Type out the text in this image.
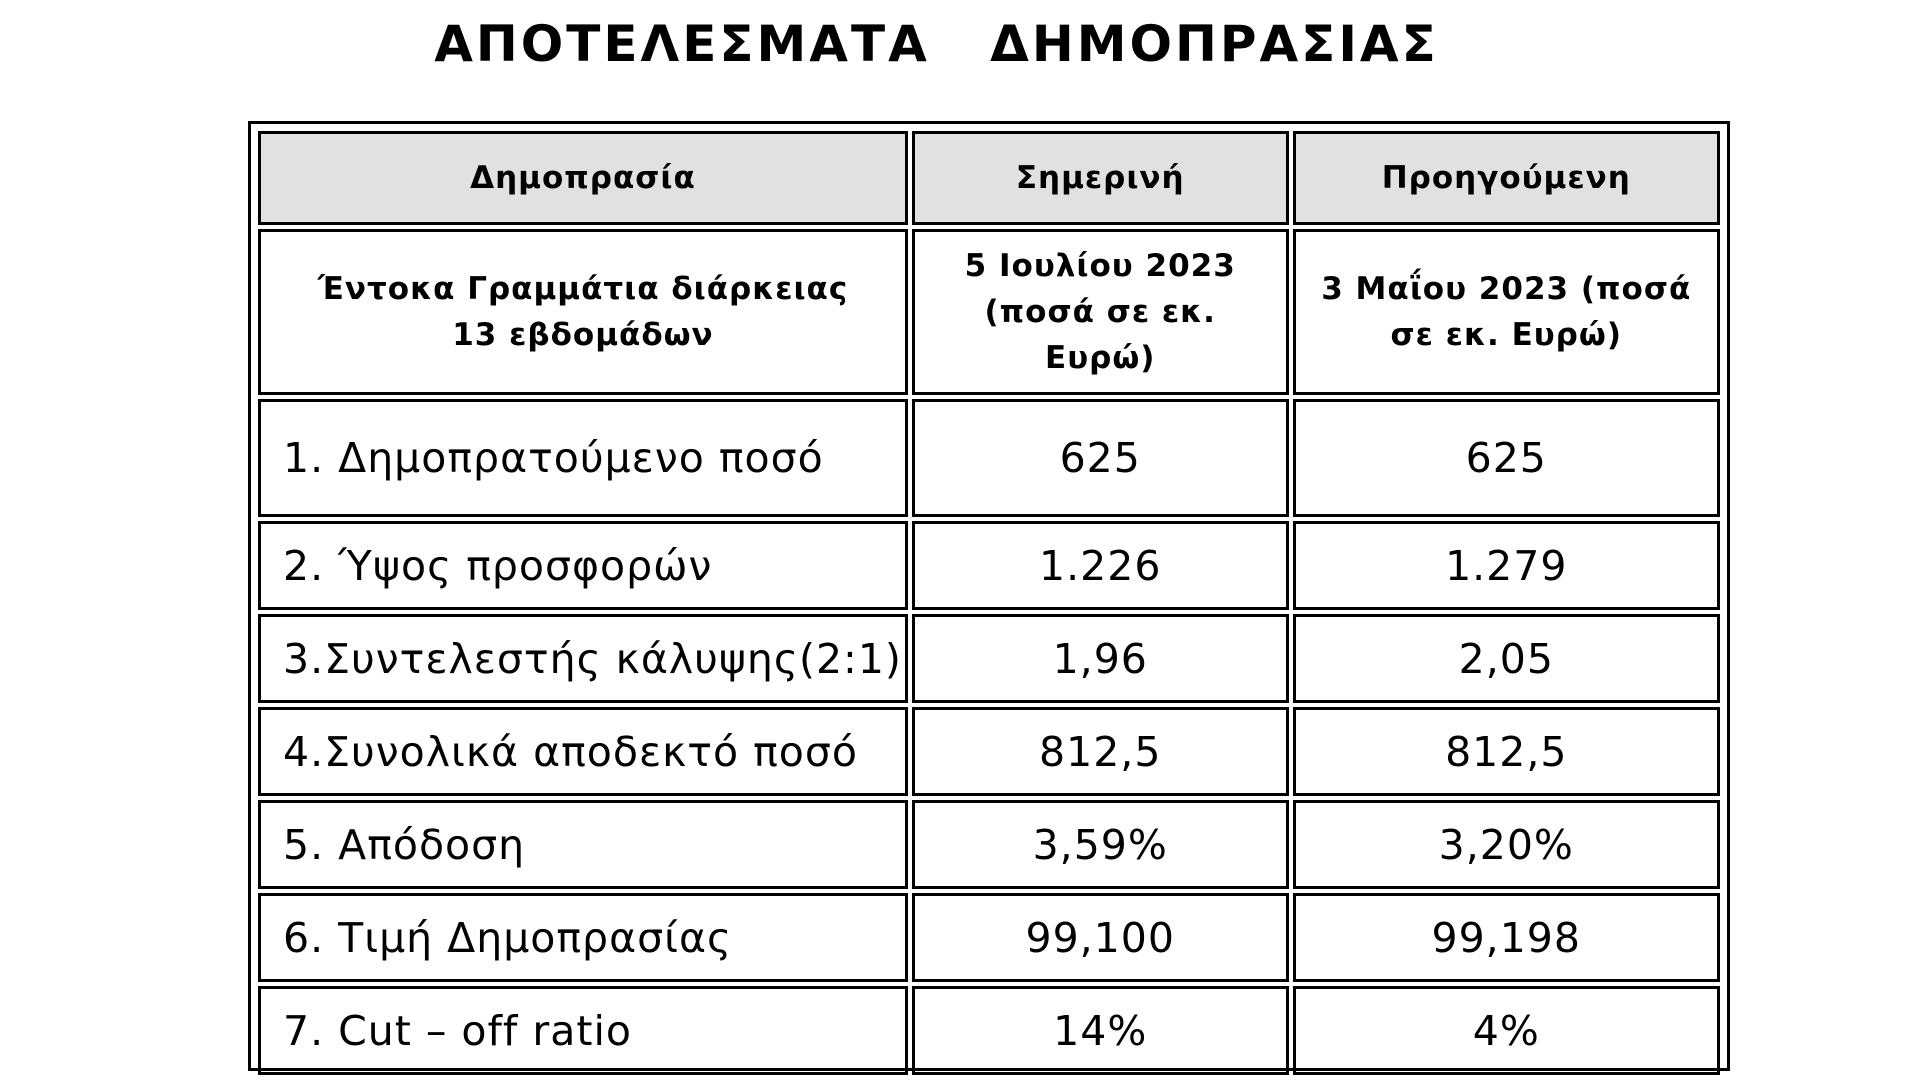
ΑΠΟΤΕΛΕΣΜΑΤΑ ΔΗΜΟΠΡΑΣΙΑΣ
Δημοπρασία	Σημερινή	Προηγούμενη
Έντοκα Γραμμάτια διάρκειας 13 εβδομάδων	5 Ιουλίου 2023 (ποσά σε εκ. Ευρώ)	3 Μαΐου 2023 (ποσά σε εκ. Ευρώ)
1. Δημοπρατούμενο ποσό	625	625
2. Ύψος προσφορών	1.226	1.279
3.Συντελεστής κάλυψης(2:1)	1,96	2,05
4.Συνολικά αποδεκτό ποσό	812,5	812,5
5. Απόδοση	3,59%	3,20%
6. Τιμή Δημοπρασίας	99,100	99,198
7. Cut – off ratio	14%	4%
